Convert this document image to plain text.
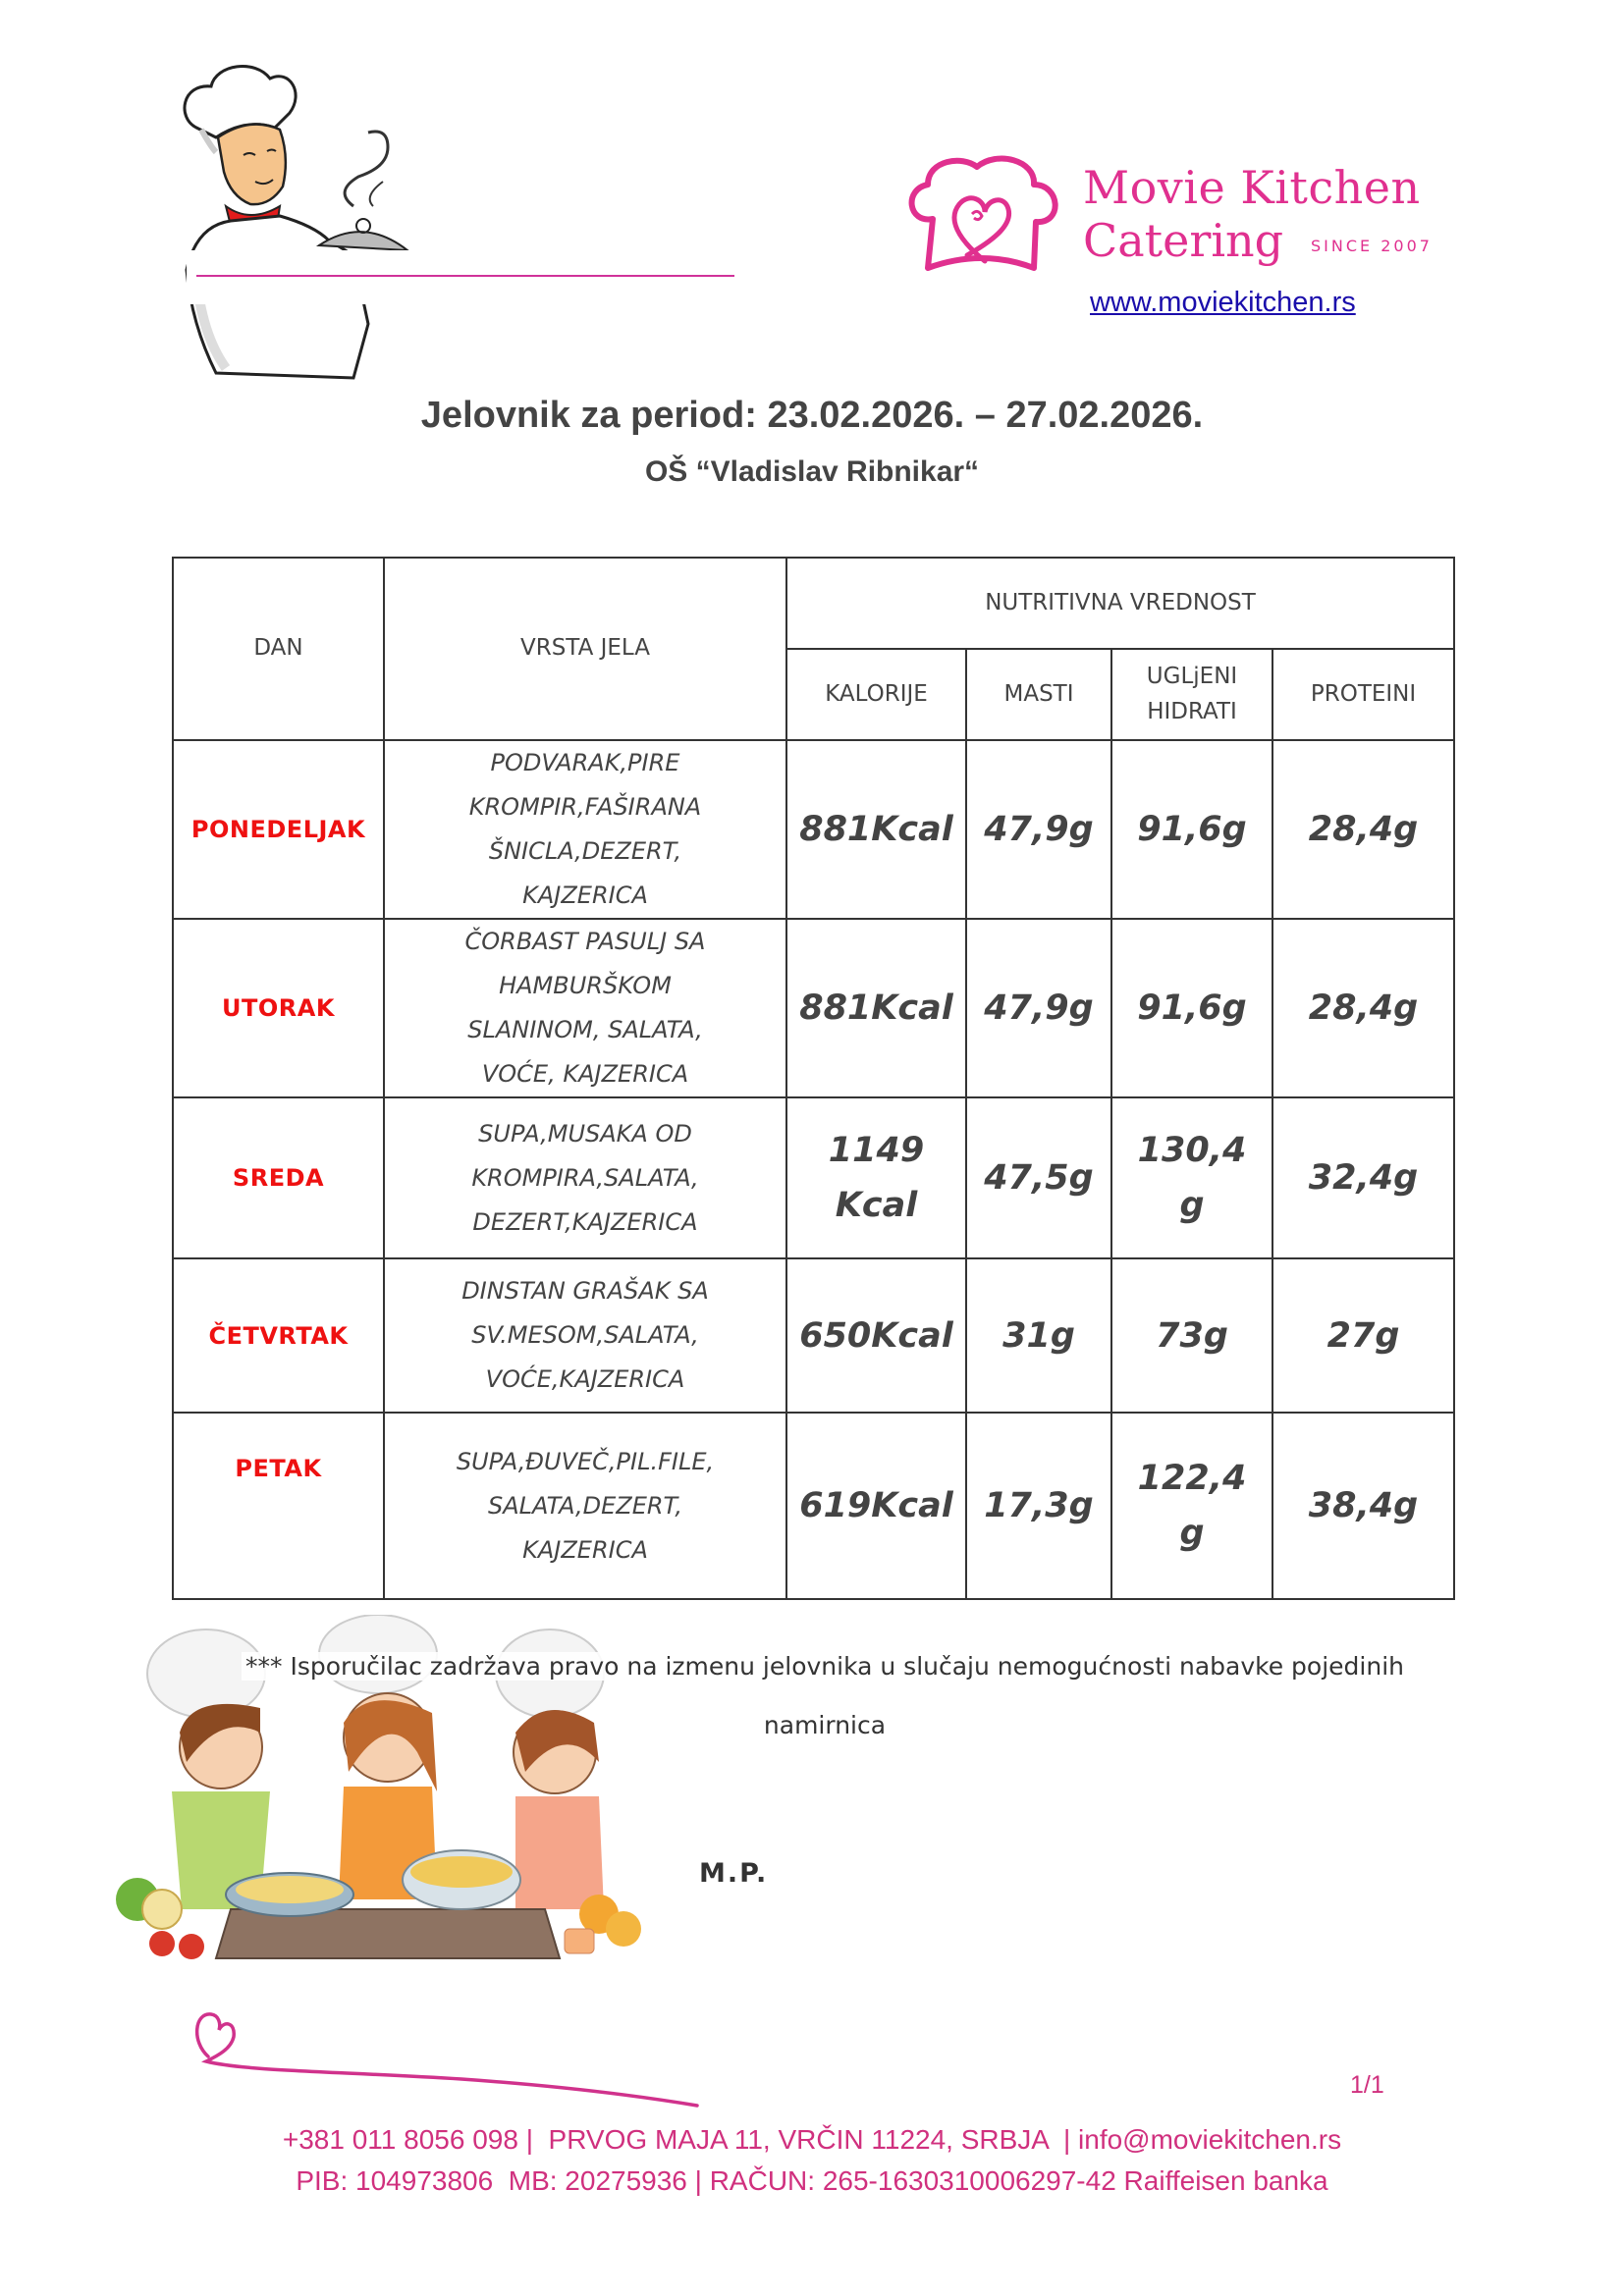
Movie Kitchen
Catering SINCE 2007
www.moviekitchen.rs
Jelovnik za period: 23.02.2026. – 27.02.2026.
OŠ “Vladislav Ribnikar“
DAN	VRSTA JELA	NUTRITIVNA VREDNOST			
		KALORIJE	MASTI	UGLjENI
HIDRATI	PROTEINI
PONEDELJAK	PODVARAK,PIRE
KROMPIR,FAŠIRANA
ŠNICLA,DEZERT,
KAJZERICA	881Kcal	47,9g	91,6g	28,4g
UTORAK	ČORBAST PASULJ SA
HAMBURŠKOM
SLANINOM, SALATA,
VOĆE, KAJZERICA	881Kcal	47,9g	91,6g	28,4g
SREDA	SUPA,MUSAKA OD
KROMPIRA,SALATA,
DEZERT,KAJZERICA	1149
Kcal	47,5g	130,4
g	32,4g
ČETVRTAK	DINSTAN GRAŠAK SA
SV.MESOM,SALATA,
VOĆE,KAJZERICA	650Kcal	31g	73g	27g
PETAK	SUPA,ĐUVEČ,PIL.FILE,
SALATA,DEZERT,
KAJZERICA	619Kcal	17,3g	122,4
g	38,4g
*** Isporučilac zadržava pravo na izmenu jelovnika u slučaju nemogućnosti nabavke pojedinih
namirnica
M.P.
1/1
+381 011 8056 098 |  PRVOG MAJA 11, VRČIN 11224, SRBJA  | info@moviekitchen.rs
PIB: 104973806  MB: 20275936 | RAČUN: 265-1630310006297-42 Raiffeisen banka
